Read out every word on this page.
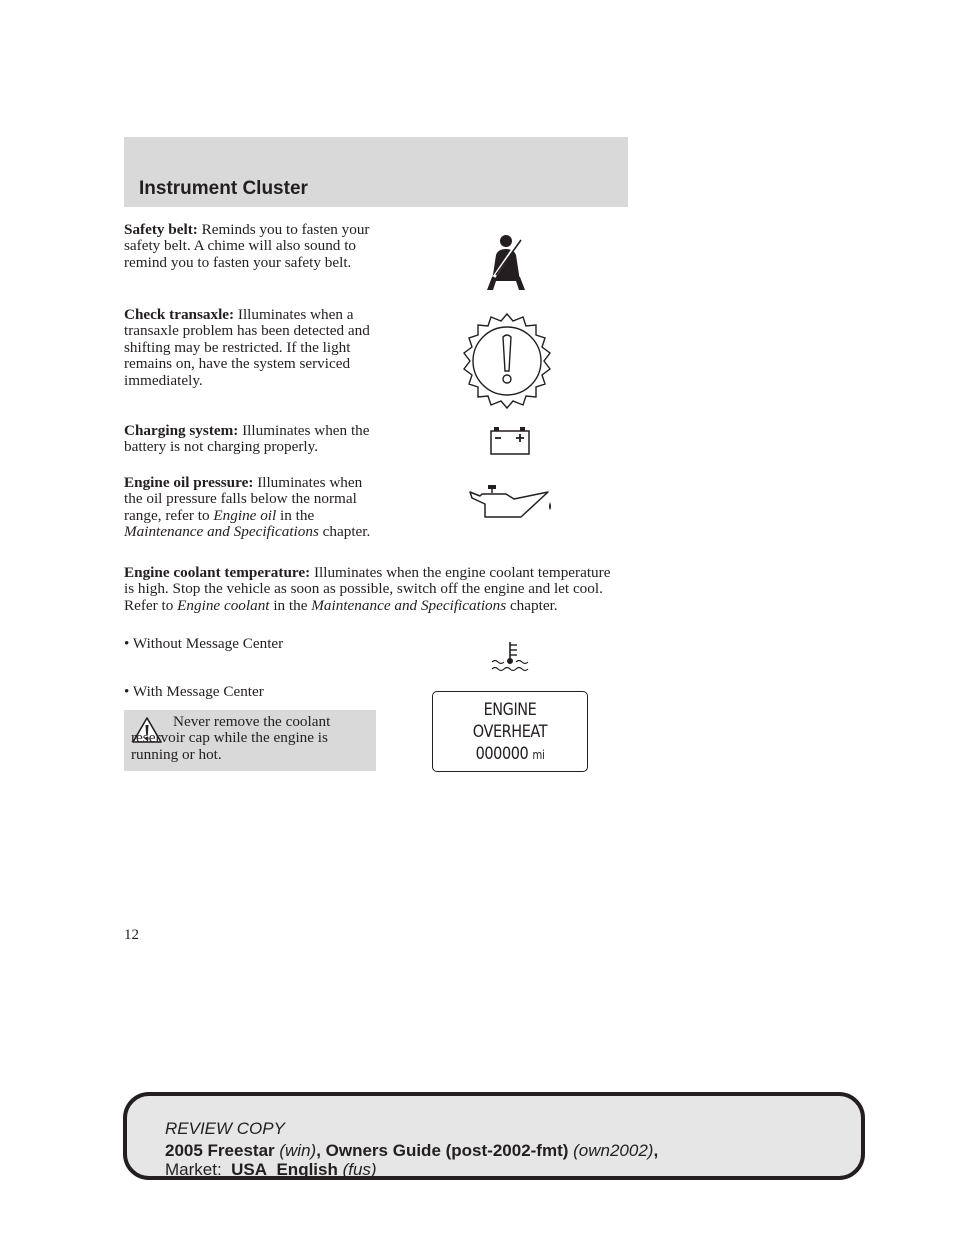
Instrument Cluster
Safety belt: Reminds you to fasten your safety belt. A chime will also sound to remind you to fasten your safety belt.
Check transaxle: Illuminates when a transaxle problem has been detected and shifting may be restricted. If the light remains on, have the system serviced immediately.
Charging system: Illuminates when the battery is not charging properly.
Engine oil pressure: Illuminates when the oil pressure falls below the normal range, refer to Engine oil in the Maintenance and Specifications chapter.
Engine coolant temperature: Illuminates when the engine coolant temperature is high. Stop the vehicle as soon as possible, switch off the engine and let cool. Refer to Engine coolant in the Maintenance and Specifications chapter.
• Without Message Center
• With Message Center
Never remove the coolant reservoir cap while the engine is running or hot.
ENGINE
OVERHEAT
000000 mi
12
REVIEW COPY
2005 Freestar (win), Owners Guide (post-2002-fmt) (own2002),
Market:  USA_English (fus)
